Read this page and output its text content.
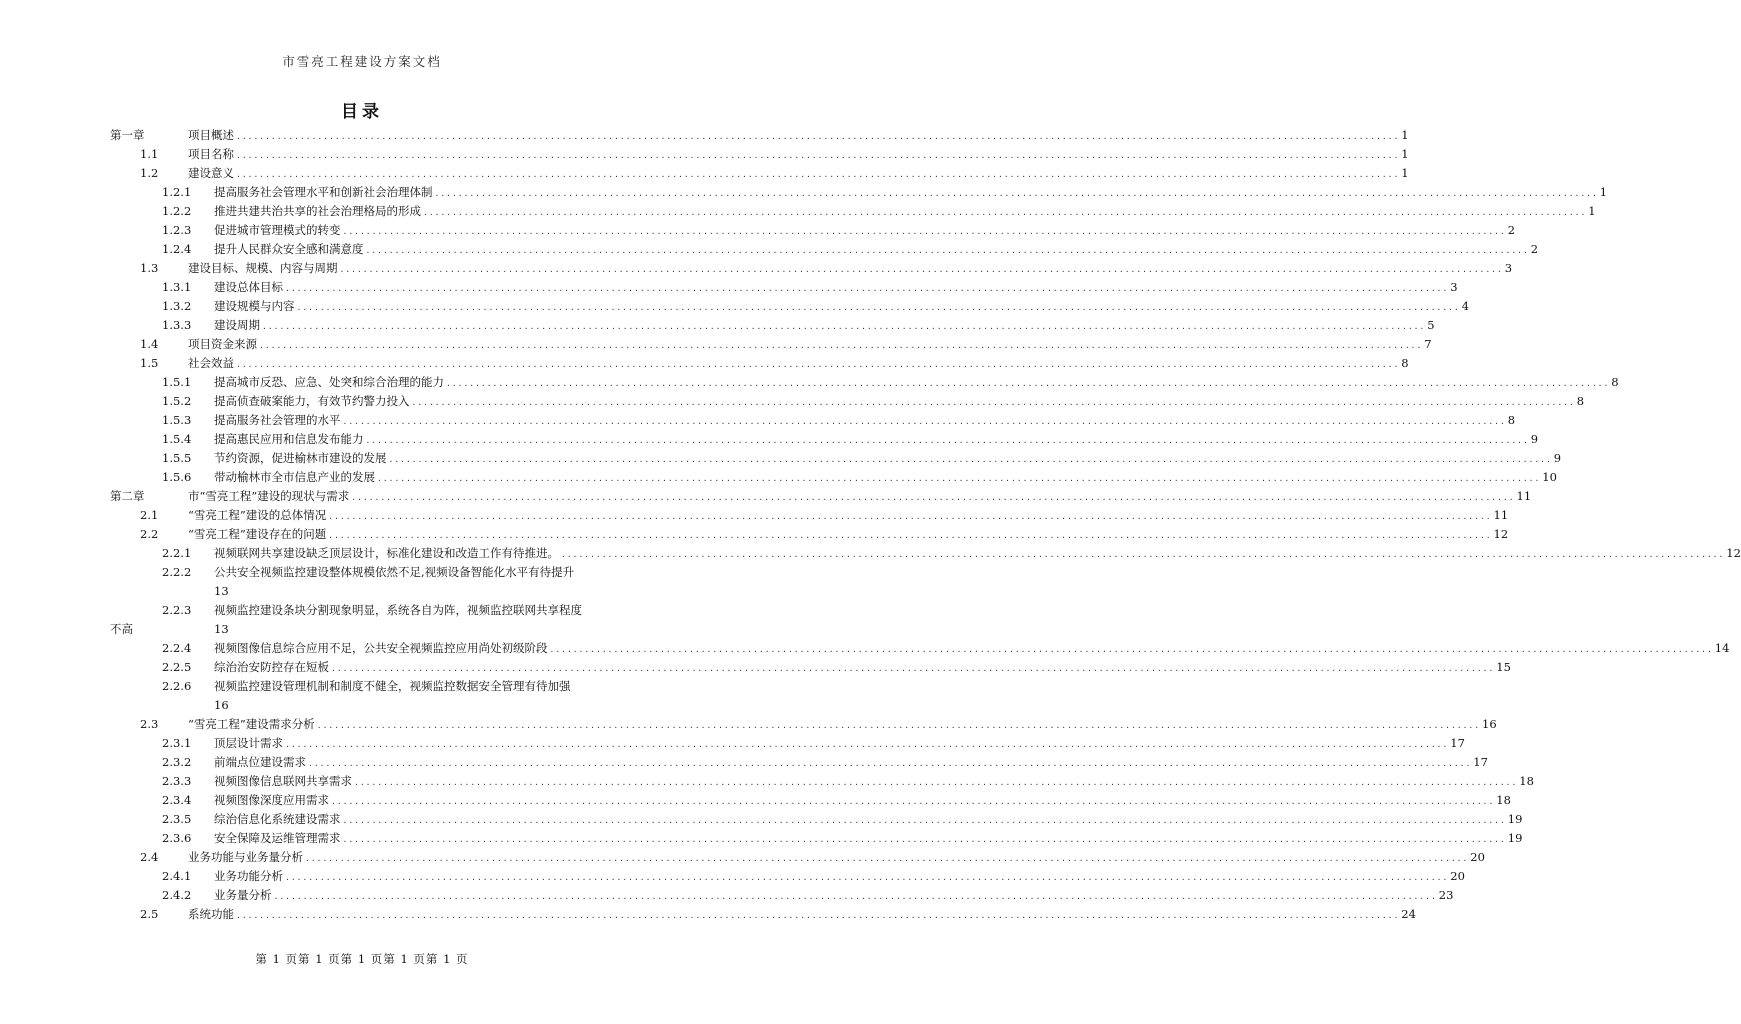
市雪亮工程建设方案文档
目录
第一章	项目概述 .....	1
1.1	项目名称 .....	1
1.2	建设意义 .....	1
1.2.1	提高服务社会管理水平和创新社会治理体制 .....	1
1.2.2	推进共建共治共享的社会治理格局的形成 .....	1
1.2.3	促进城市管理模式的转变 .....	2
1.2.4	提升人民群众安全感和满意度 .....	2
1.3	建设目标、规模、内容与周期 .....	3
1.3.1	建设总体目标 .....	3
1.3.2	建设规模与内容 .....	4
1.3.3	建设周期 .....	5
1.4	项目资金来源 .....	7
1.5	社会效益 .....	8
1.5.1	提高城市反恐、应急、处突和综合治理的能力 .....	8
1.5.2	提高侦查破案能力，有效节约警力投入 .....	8
1.5.3	提高服务社会管理的水平 .....	8
1.5.4	提高惠民应用和信息发布能力 .....	9
1.5.5	节约资源，促进榆林市建设的发展 .....	9
1.5.6	带动榆林市全市信息产业的发展 .....	10
第二章	市“雪亮工程”建设的现状与需求 .....	11
2.1	“雪亮工程”建设的总体情况 .....	11
2.2	“雪亮工程”建设存在的问题 .....	12
2.2.1	视频联网共享建设缺乏顶层设计，标准化建设和改造工作有待推进。 .....	12
2.2.2	公共安全视频监控建设整体规模依然不足,视频设备智能化水平有待提升
13
2.2.3	视频监控建设条块分割现象明显，系统各自为阵，视频监控联网共享程度
不高	13
2.2.4	视频图像信息综合应用不足，公共安全视频监控应用尚处初级阶段 .....	14
2.2.5	综治治安防控存在短板 .....	15
2.2.6	视频监控建设管理机制和制度不健全，视频监控数据安全管理有待加强
16
2.3	“雪亮工程”建设需求分析 .....	16
2.3.1	顶层设计需求 .....	17
2.3.2	前端点位建设需求 .....	17
2.3.3	视频图像信息联网共享需求 .....	18
2.3.4	视频图像深度应用需求 .....	18
2.3.5	综治信息化系统建设需求 .....	19
2.3.6	安全保障及运维管理需求 .....	19
2.4	业务功能与业务量分析 .....	20
2.4.1	业务功能分析 .....	20
2.4.2	业务量分析 .....	23
2.5	系统功能 .....	24
第 1 页第 1 页第 1 页第 1 页第 1 页
